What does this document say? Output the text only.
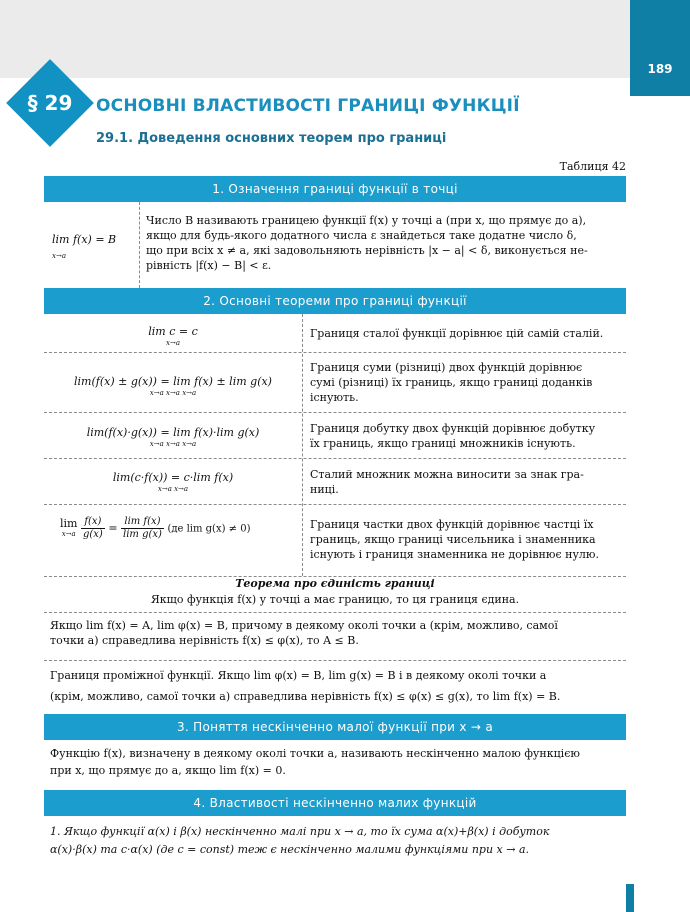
189
§ 29	ОСНОВНІ ВЛАСТИВОСТІ ГРАНИЦІ ФУНКЦІЇ
29.1. Доведення основних теорем про границі
Таблиця 42
1. Означення границі функції в точці
lim f(x) = B
x→a
Число B називають границею функції f(x) у точці a (при x, що прямує до a),
якщо для будь-якого додатного числа ε знайдеться таке додатне число δ,
що при всіх x ≠ a, які задовольняють нерівність |x − a| < δ, виконується не-
рівність |f(x) − B| < ε.
2. Основні теореми про границі функції
lim c = c
x→a
Границя сталої функції дорівнює цій самій сталій.
lim(f(x) ± g(x)) = lim f(x) ± lim g(x)
x→a x→a x→a
Границя суми (різниці) двох функцій дорівнює
сумі (різниці) їх границь, якщо границі доданків
існують.
lim(f(x)·g(x)) = lim f(x)·lim g(x)
x→a x→a x→a
Границя добутку двох функцій дорівнює добутку
їх границь, якщо границі множників існують.
lim(c·f(x)) = c·lim f(x)
x→a x→a
Сталий множник можна виносити за знак гра-
ниці.
lim
x→a
$\frac{f(x)}{g(x)} = \frac{\text{lim f(x)}}{\text{lim g(x)}} (де$ lim g(x) ≠ 0)	Границя частки двох функцій дорівнює частці їх
границь, якщо границі чисельника і знаменника
існують і границя знаменника не дорівнює нулю.
Теорема про єдиність границі
Якщо функція f(x) у точці a має границю, то ця границя єдина.
Якщо lim f(x) = A, lim φ(x) = B, причому в деякому околі точки a (крім, можливо, самої
точки a) справедлива нерівність f(x) ≤ φ(x), то A ≤ B.
Границя проміжної функції. Якщо lim φ(x) = B, lim g(x) = B і в деякому околі точки a
(крім, можливо, самої точки a) справедлива нерівність f(x) ≤ φ(x) ≤ g(x), то lim f(x) = B.
3. Поняття нескінченно малої функції при x → a
Функцію f(x), визначену в деякому околі точки a, називають нескінченно малою функцією
при x, що прямує до a, якщо lim f(x) = 0.
4. Властивості нескінченно малих функцій
1. Якщо функції α(x) і β(x) нескінченно малі при x → a, то їх сума α(x)+β(x) і добуток
α(x)·β(x) та c·α(x) (де c = const) теж є нескінченно малими функціями при x → a.
